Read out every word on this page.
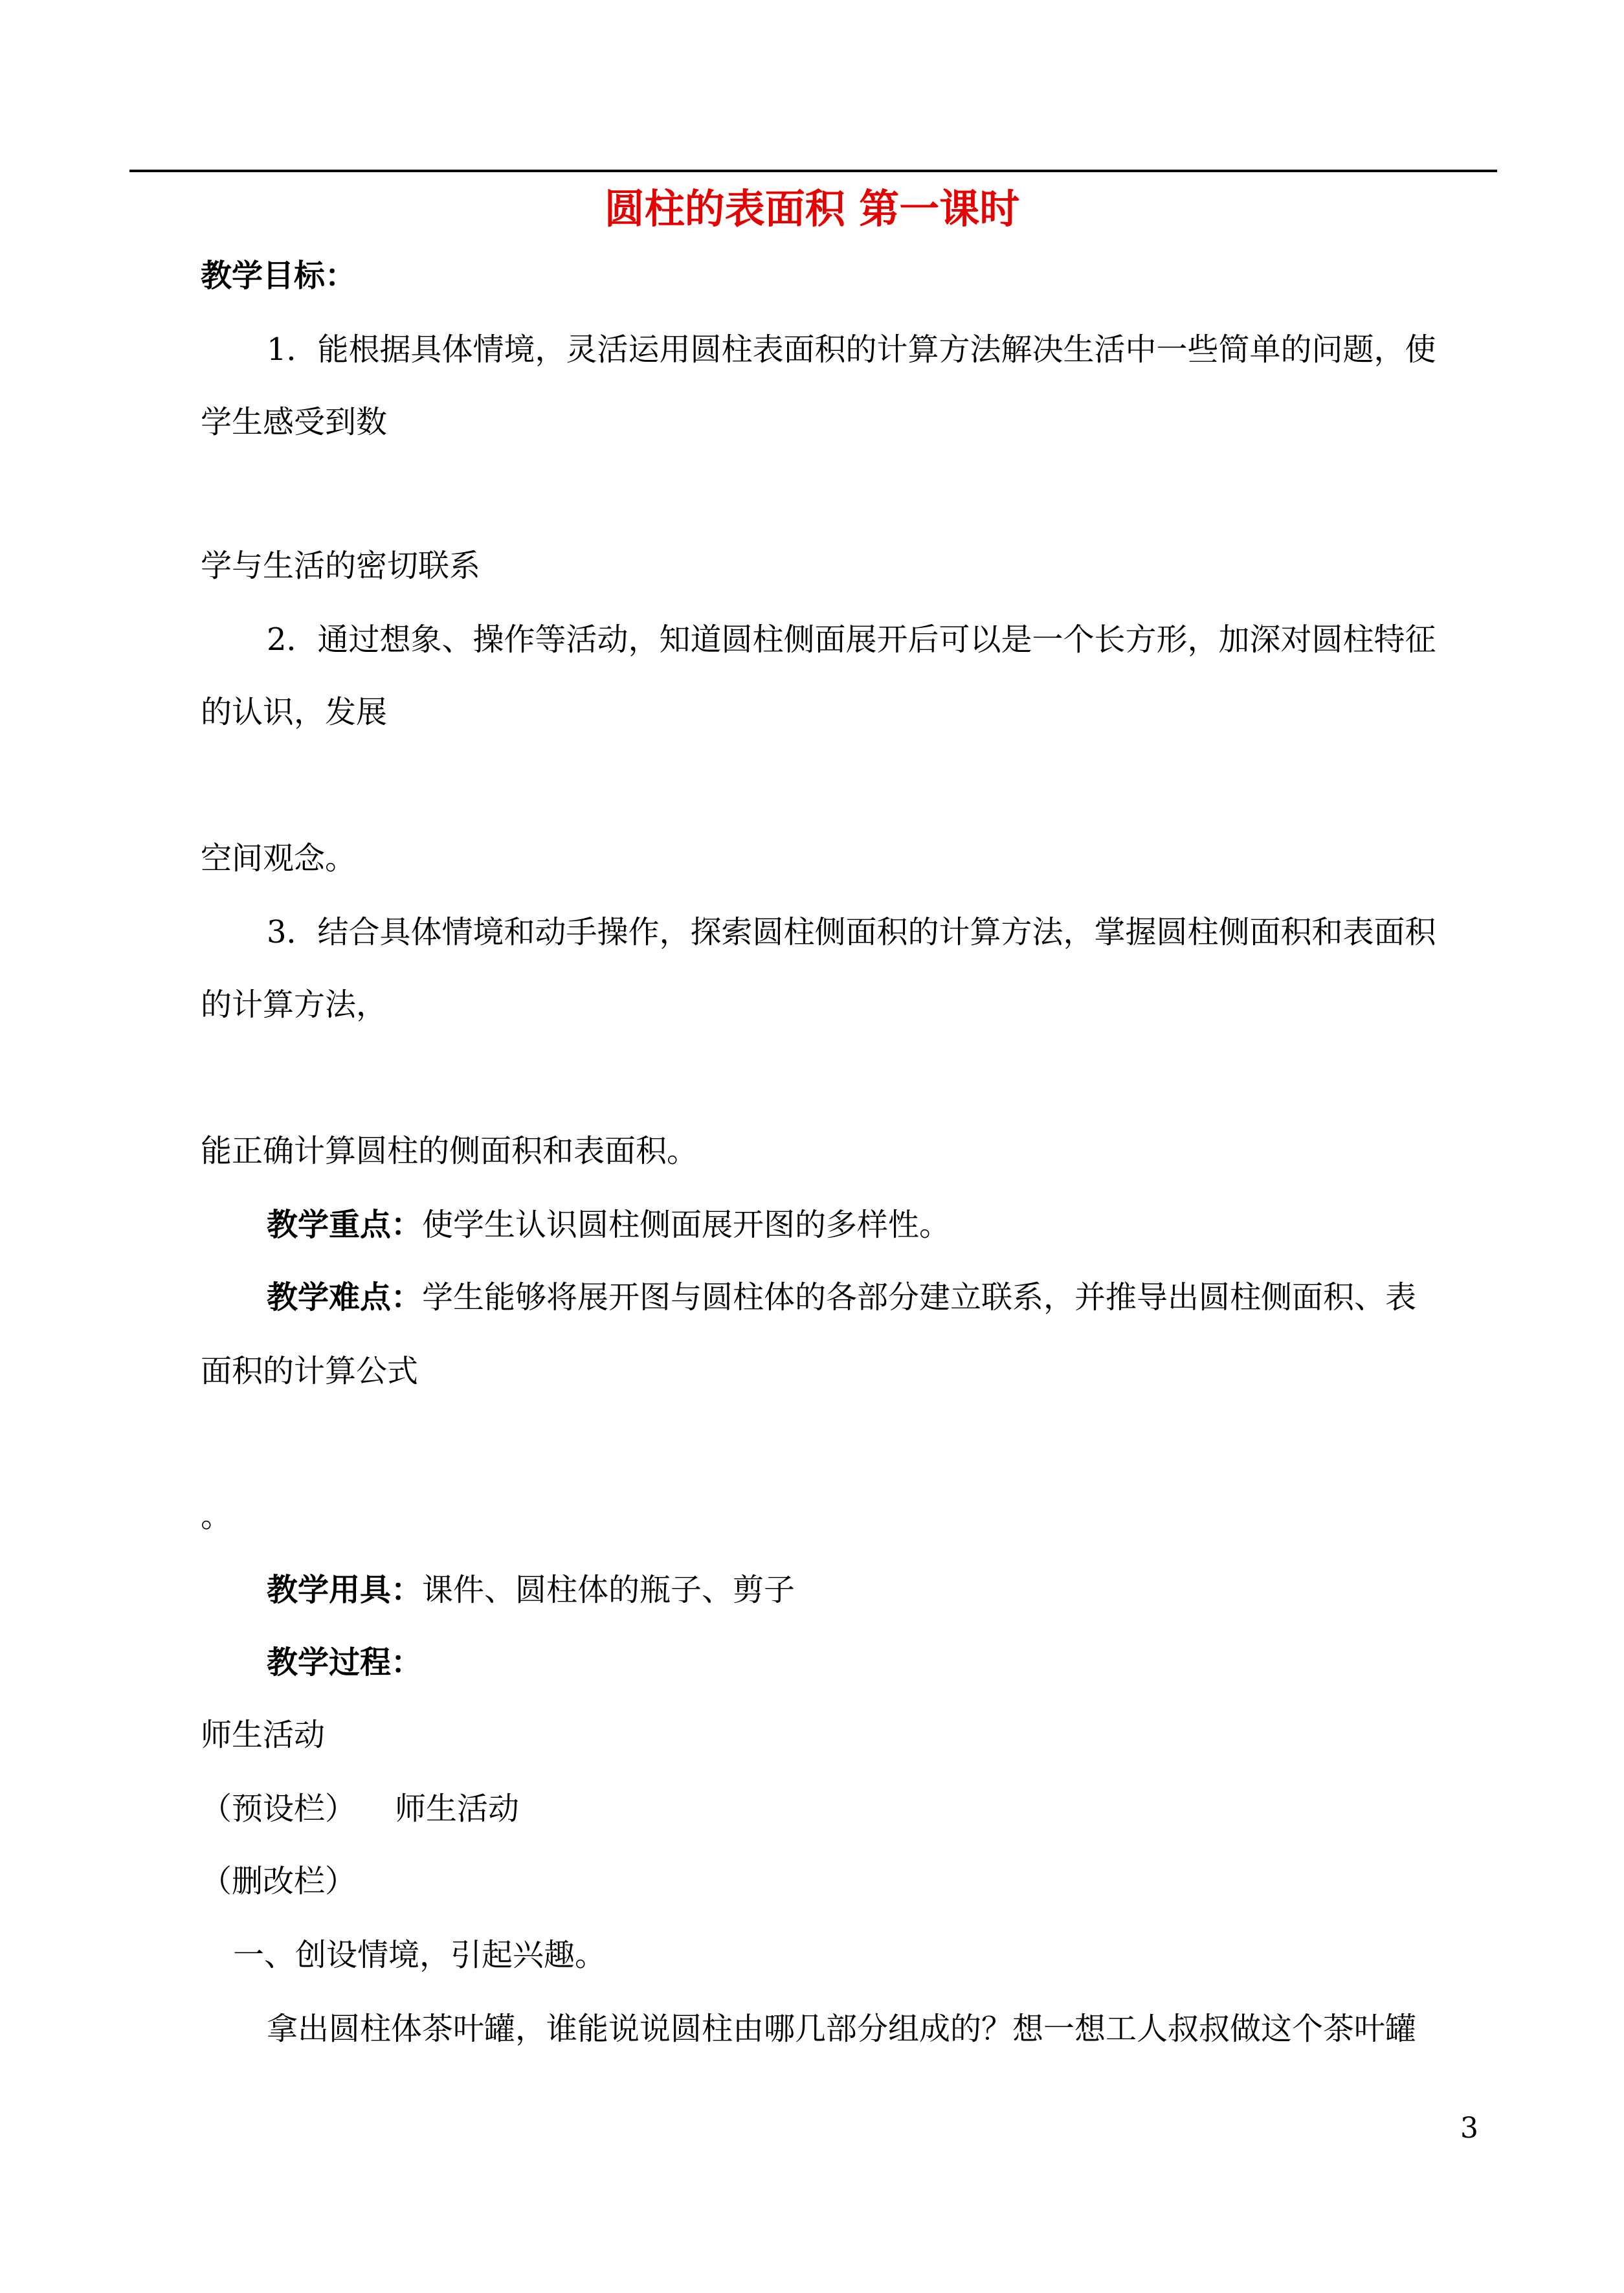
圆柱的表面积 第一课时
教学目标：
1．能根据具体情境，灵活运用圆柱表面积的计算方法解决生活中一些简单的问题，使
学生感受到数
学与生活的密切联系
2．通过想象、操作等活动，知道圆柱侧面展开后可以是一个长方形，加深对圆柱特征
的认识，发展
空间观念。
3．结合具体情境和动手操作，探索圆柱侧面积的计算方法，掌握圆柱侧面积和表面积
的计算方法，
能正确计算圆柱的侧面积和表面积。
教学重点：使学生认识圆柱侧面展开图的多样性。
教学难点：学生能够将展开图与圆柱体的各部分建立联系，并推导出圆柱侧面积、表
面积的计算公式
。
教学用具：课件、圆柱体的瓶子、剪子
教学过程：
师生活动
（预设栏） 师生活动
（删改栏）
一、创设情境，引起兴趣。
拿出圆柱体茶叶罐，谁能说说圆柱由哪几部分组成的？想一想工人叔叔做这个茶叶罐
3
